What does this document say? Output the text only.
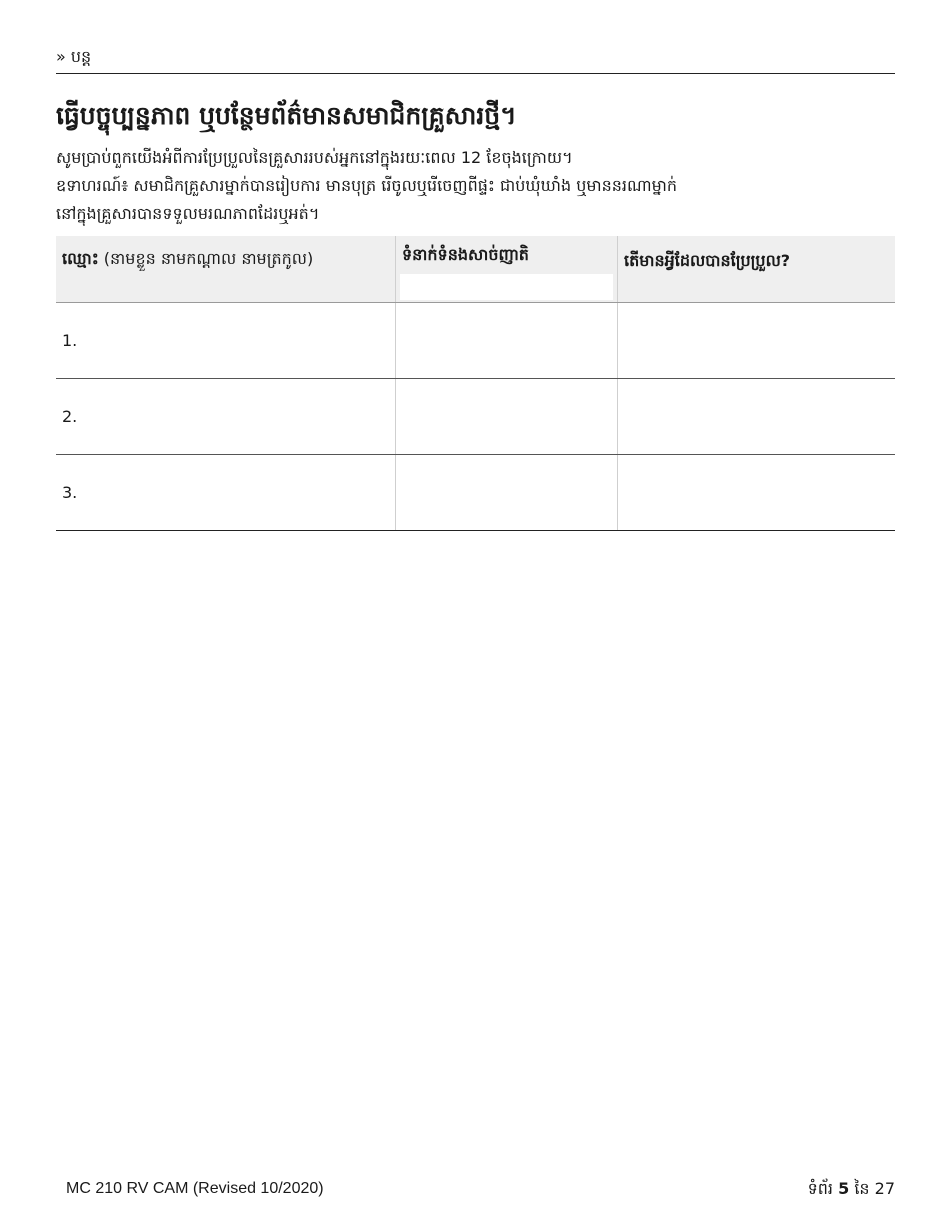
» បន្ត
ធ្វើបច្ចុប្បន្នភាព ឬបន្ថែមព័ត៌មានសមាជិកគ្រួសារថ្មី។

សូមប្រាប់ពួកយើងអំពីការប្រែប្រួលនៃគ្រួសាររបស់អ្នកនៅក្នុងរយៈពេល 12 ខែចុងក្រោយ។

ឧទាហរណ៍៖ សមាជិកគ្រួសារម្នាក់បានរៀបការ មានបុត្រ រើចូលឬរើចេញពីផ្ទះ ជាប់ឃុំឃាំង ឬមាននរណាម្នាក់

នៅក្នុងគ្រួសារបានទទួលមរណភាពដែរឬអត់។

ឈ្មោះ (នាមខ្លួន នាមកណ្ដាល នាមត្រកូល)	ទំនាក់ទំនងសាច់ញាតិ	តើមានអ្វីដែលបានប្រែប្រួល?

1.		
2.		
3.		
MC 210 RV CAM (Revised 10/2020)	ទំព័រ 5 នៃ 27
